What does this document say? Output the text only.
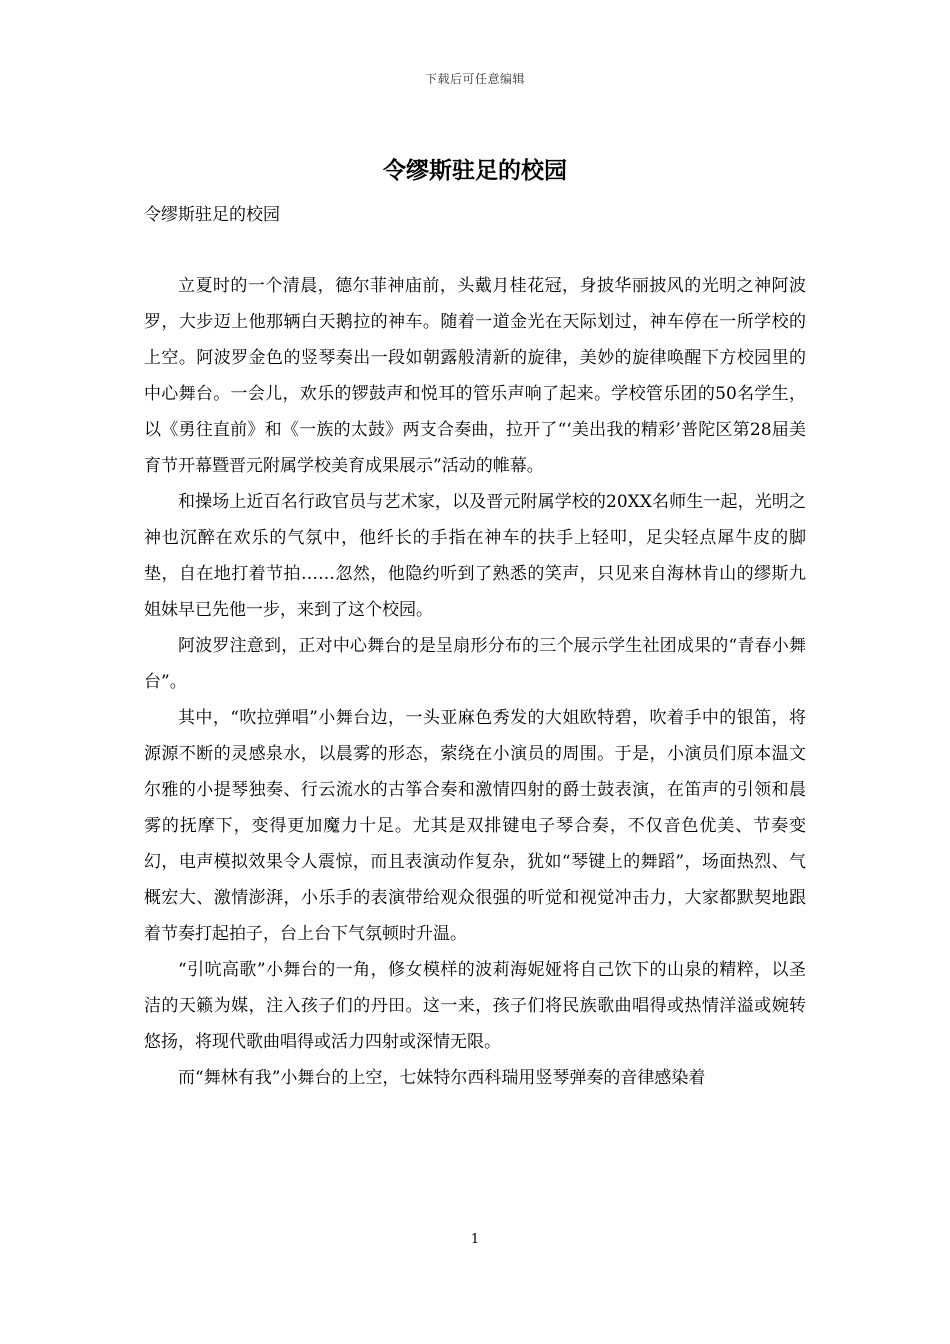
下载后可任意编辑
令缪斯驻足的校园
令缪斯驻足的校园

立夏时的一个清晨，德尔菲神庙前，头戴月桂花冠，身披华丽披风的光明之神阿波罗，大步迈上他那辆白天鹅拉的神车。随着一道金光在天际划过，神车停在一所学校的上空。阿波罗金色的竖琴奏出一段如朝露般清新的旋律，美妙的旋律唤醒下方校园里的中心舞台。一会儿，欢乐的锣鼓声和悦耳的管乐声响了起来。学校管乐团的50名学生，以《勇往直前》和《一族的太鼓》两支合奏曲，拉开了“‘美出我的精彩’普陀区第28届美育节开幕暨晋元附属学校美育成果展示”活动的帷幕。

和操场上近百名行政官员与艺术家，以及晋元附属学校的20XX名师生一起，光明之神也沉醉在欢乐的气氛中，他纤长的手指在神车的扶手上轻叩，足尖轻点犀牛皮的脚垫，自在地打着节拍……忽然，他隐约听到了熟悉的笑声，只见来自海林肯山的缪斯九姐妹早已先他一步，来到了这个校园。

阿波罗注意到，正对中心舞台的是呈扇形分布的三个展示学生社团成果的“青春小舞台”。

其中，“吹拉弹唱”小舞台边，一头亚麻色秀发的大姐欧特碧，吹着手中的银笛，将源源不断的灵感泉水，以晨雾的形态，萦绕在小演员的周围。于是，小演员们原本温文尔雅的小提琴独奏、行云流水的古筝合奏和激情四射的爵士鼓表演，在笛声的引领和晨雾的抚摩下，变得更加魔力十足。尤其是双排键电子琴合奏，不仅音色优美、节奏变幻，电声模拟效果令人震惊，而且表演动作复杂，犹如“琴键上的舞蹈”，场面热烈、气概宏大、激情澎湃，小乐手的表演带给观众很强的听觉和视觉冲击力，大家都默契地跟着节奏打起拍子，台上台下气氛顿时升温。

“引吭高歌”小舞台的一角，修女模样的波莉海妮娅将自己饮下的山泉的精粹，以圣洁的天籁为媒，注入孩子们的丹田。这一来，孩子们将民族歌曲唱得或热情洋溢或婉转悠扬，将现代歌曲唱得或活力四射或深情无限。

而“舞林有我”小舞台的上空，七妹特尔西科瑞用竖琴弹奏的音律感染着

1
